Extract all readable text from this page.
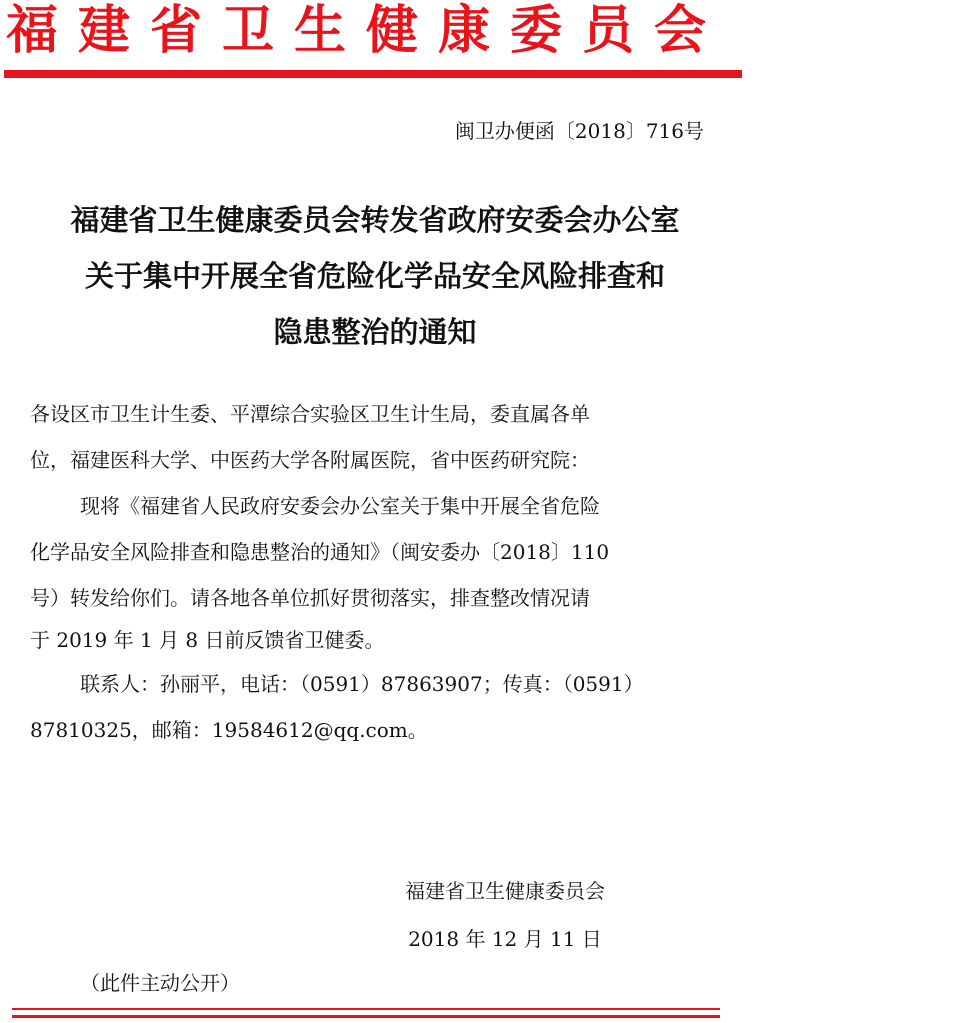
福建省卫生健康委员会
闽卫办便函〔2018〕716号
福建省卫生健康委员会转发省政府安委会办公室
关于集中开展全省危险化学品安全风险排查和
隐患整治的通知
各设区市卫生计生委、平潭综合实验区卫生计生局，委直属各单
位，福建医科大学、中医药大学各附属医院，省中医药研究院：
现将《福建省人民政府安委会办公室关于集中开展全省危险
化学品安全风险排查和隐患整治的通知》（闽安委办〔2018〕110
号）转发给你们。请各地各单位抓好贯彻落实，排查整改情况请
于 2019 年 1 月 8 日前反馈省卫健委。
联系人：孙丽平，电话：（0591）87863907；传真：（0591）
87810325，邮箱：19584612@qq.com。
福建省卫生健康委员会
2018 年 12 月 11 日
（此件主动公开）
